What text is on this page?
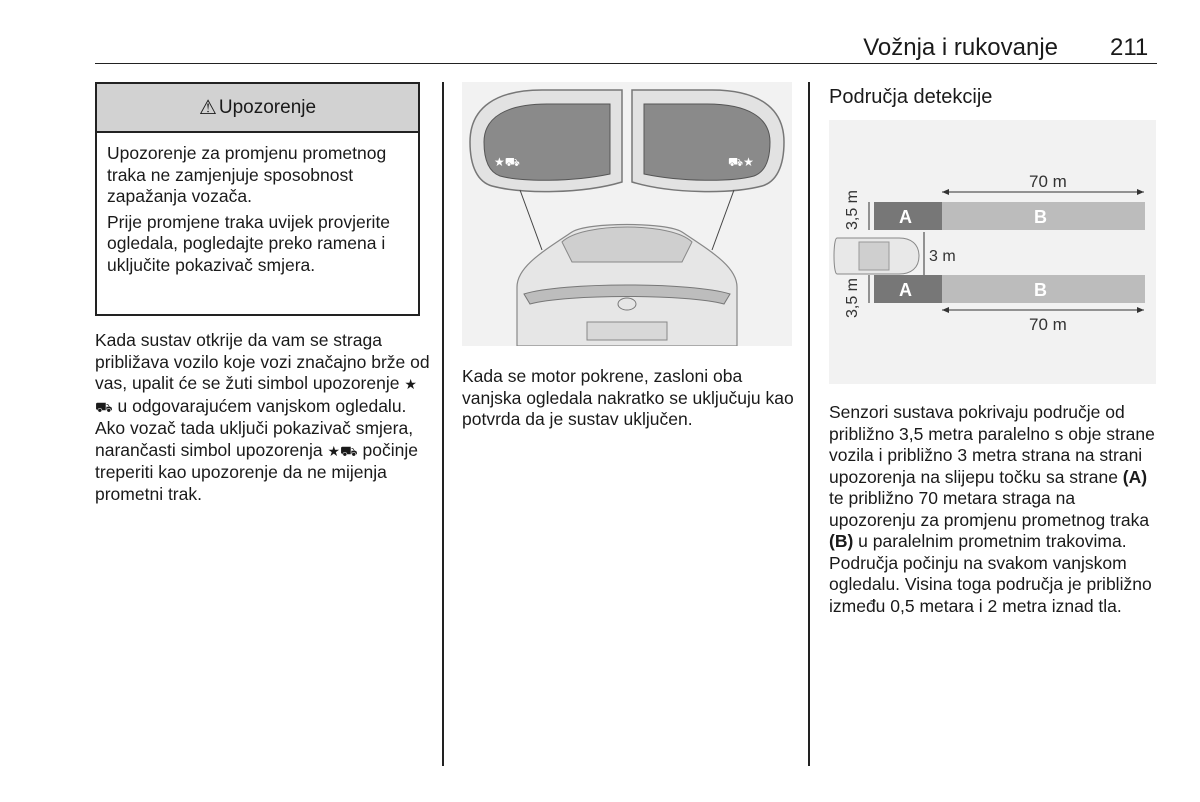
Vožnja i rukovanje 211
⚠ Upozorenje

Upozorenje za promjenu prometnog traka ne zamjenjuje sposobnost zapažanja vozača.

Prije promjene traka uvijek provjerite ogledala, pogledajte preko ramena i uključite pokazivač smjera.

Kada sustav otkrije da vam se straga približava vozilo koje vozi značajno brže od vas, upalit će se žuti simbol upozorenje ★⛟ u odgovarajućem vanjskom ogledalu. Ako vozač tada uključi pokazivač smjera, narančasti simbol upozorenja ★⛟ počinje treperiti kao upozorenje da ne mijenja prometni trak.

★⛟	⛟★

Kada se motor pokrene, zasloni oba vanjska ogledala nakratko se uključuju kao potvrda da je sustav uključen.

Područja detekcije
70 m
A	B
3,5 m
3 m
A	B
3,5 m
70 m

Senzori sustava pokrivaju područje od približno 3,5 metra paralelno s obje strane vozila i približno 3 metra strana na strani upozorenja na slijepu točku sa strane (A) te približno 70 metara straga na upozorenju za promjenu prometnog traka (B) u paralelnim prometnim trakovima. Područja počinju na svakom vanjskom ogledalu. Visina toga područja je približno između 0,5 metara i 2 metra iznad tla.
